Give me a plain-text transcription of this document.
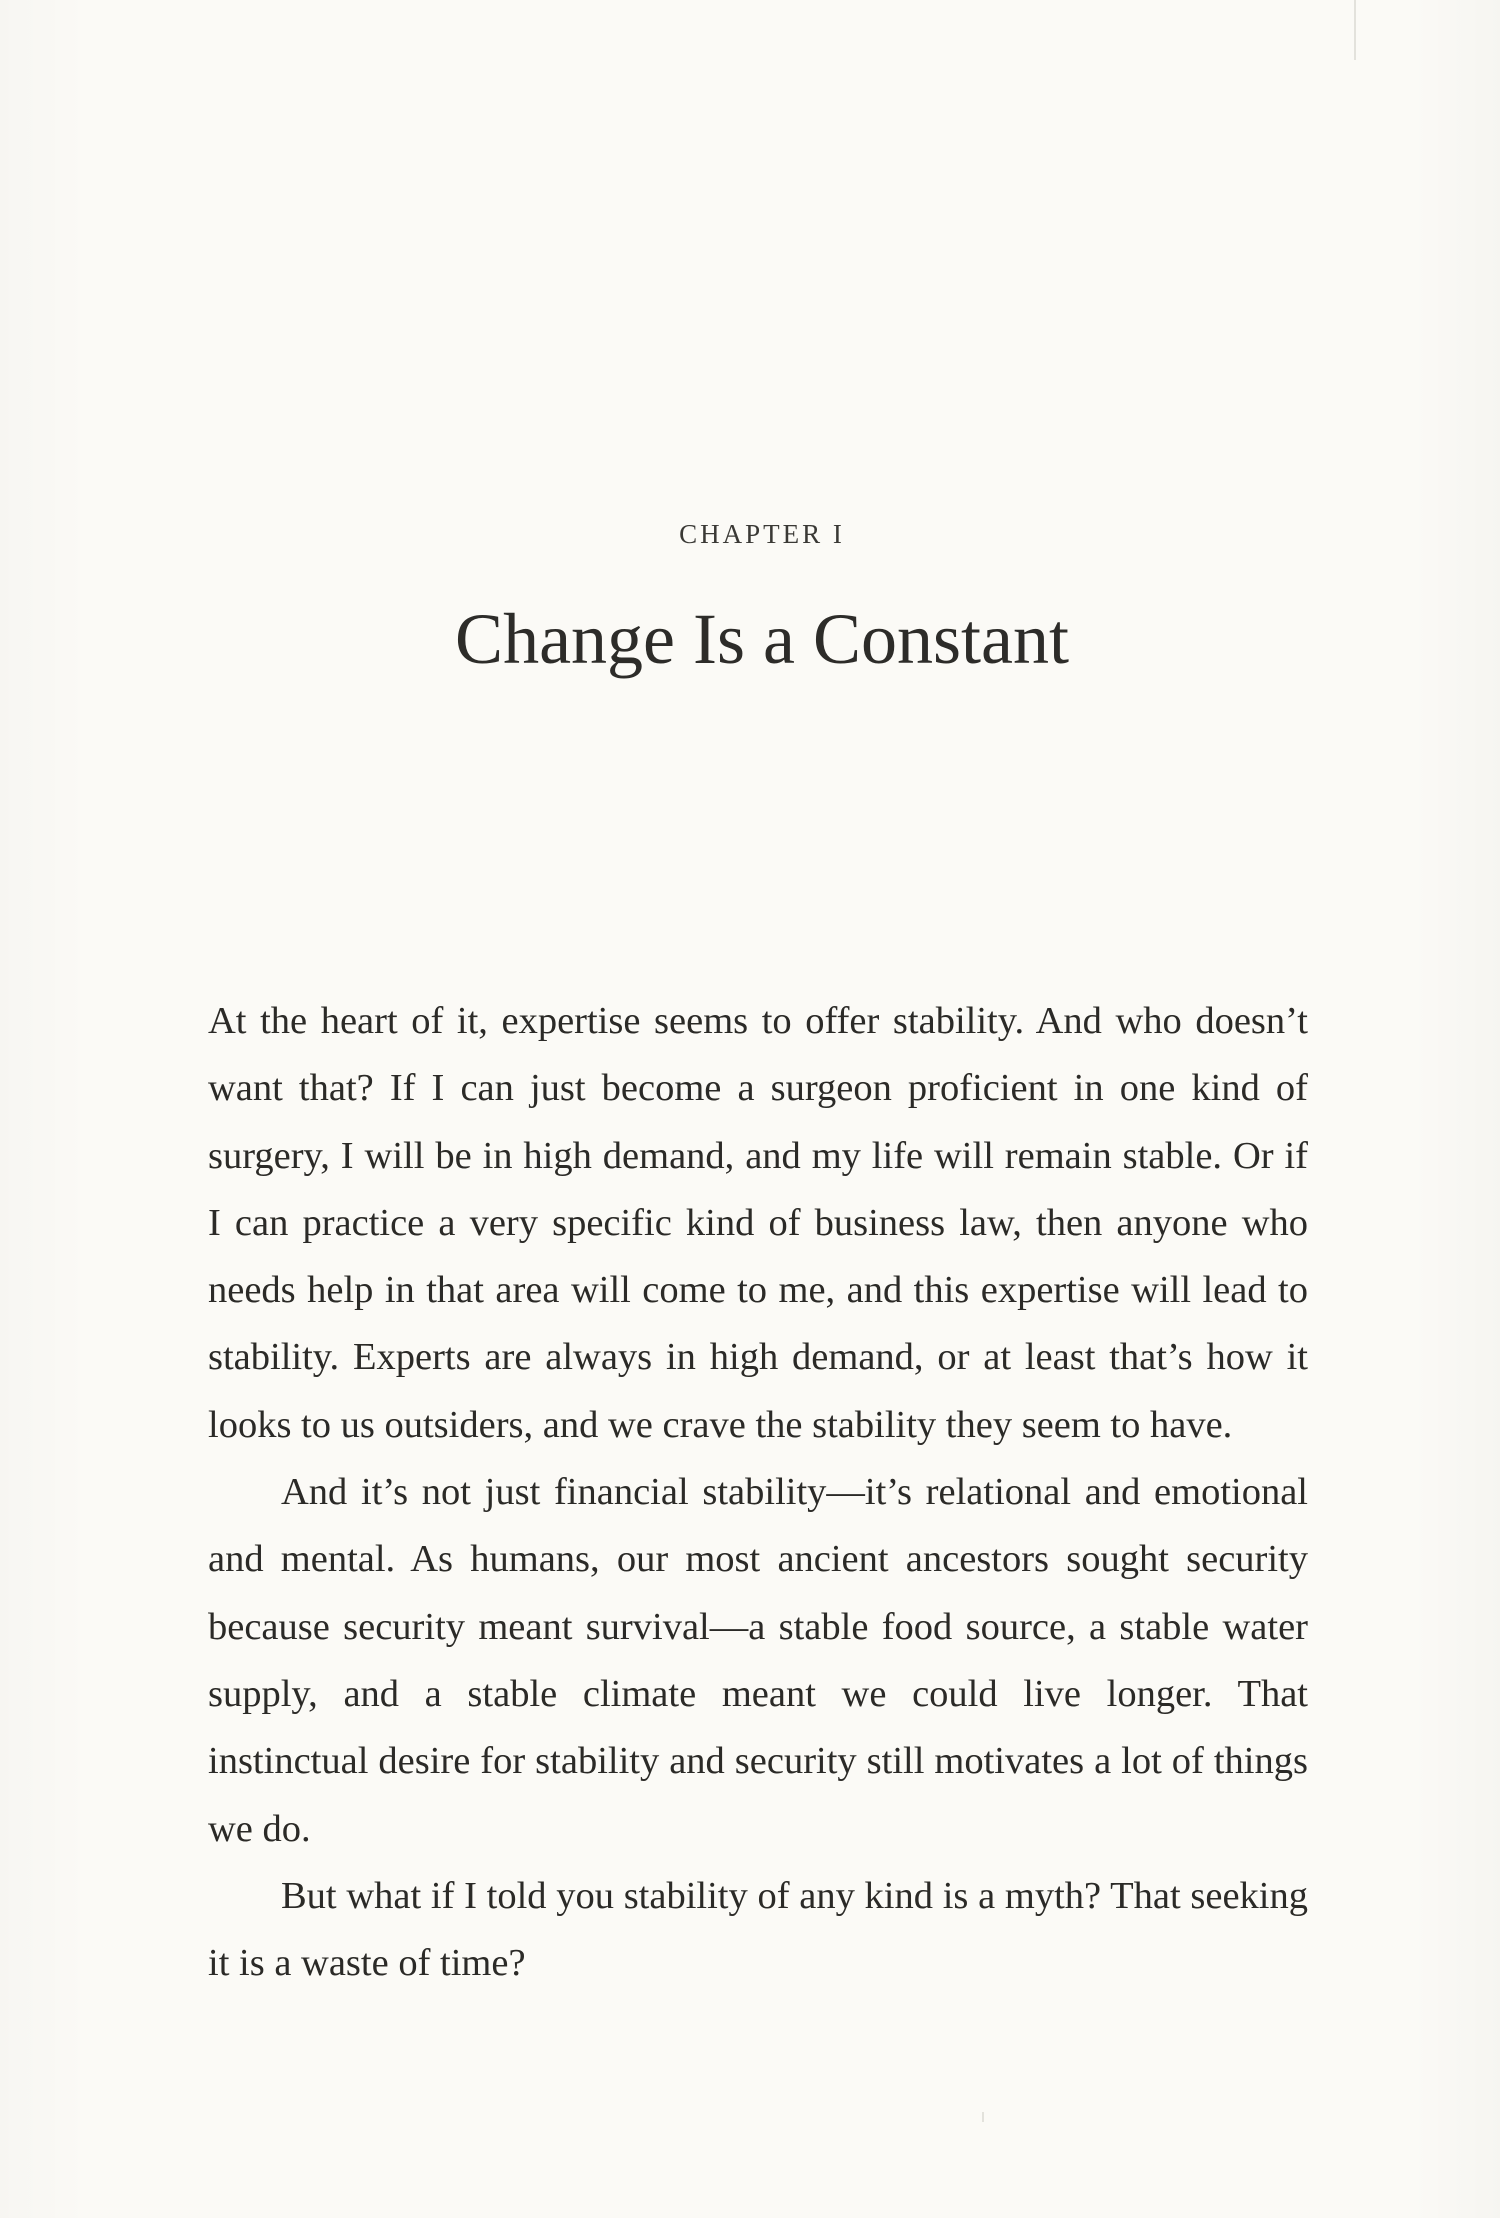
CHAPTER I
Change Is a Constant

At the heart of it, expertise seems to offer stability. And who doesn’t want that? If I can just become a surgeon proficient in one kind of surgery, I will be in high demand, and my life will remain stable. Or if I can practice a very specific kind of business law, then anyone who needs help in that area will come to me, and this expertise will lead to stability. Experts are always in high demand, or at least that’s how it looks to us outsiders, and we crave the stability they seem to have.

And it’s not just financial stability—it’s relational and emotional and mental. As humans, our most ancient ancestors sought security because security meant survival—a stable food source, a stable water supply, and a stable climate meant we could live longer. That instinctual desire for stability and security still motivates a lot of things we do.

But what if I told you stability of any kind is a myth? That seeking it is a waste of time?
